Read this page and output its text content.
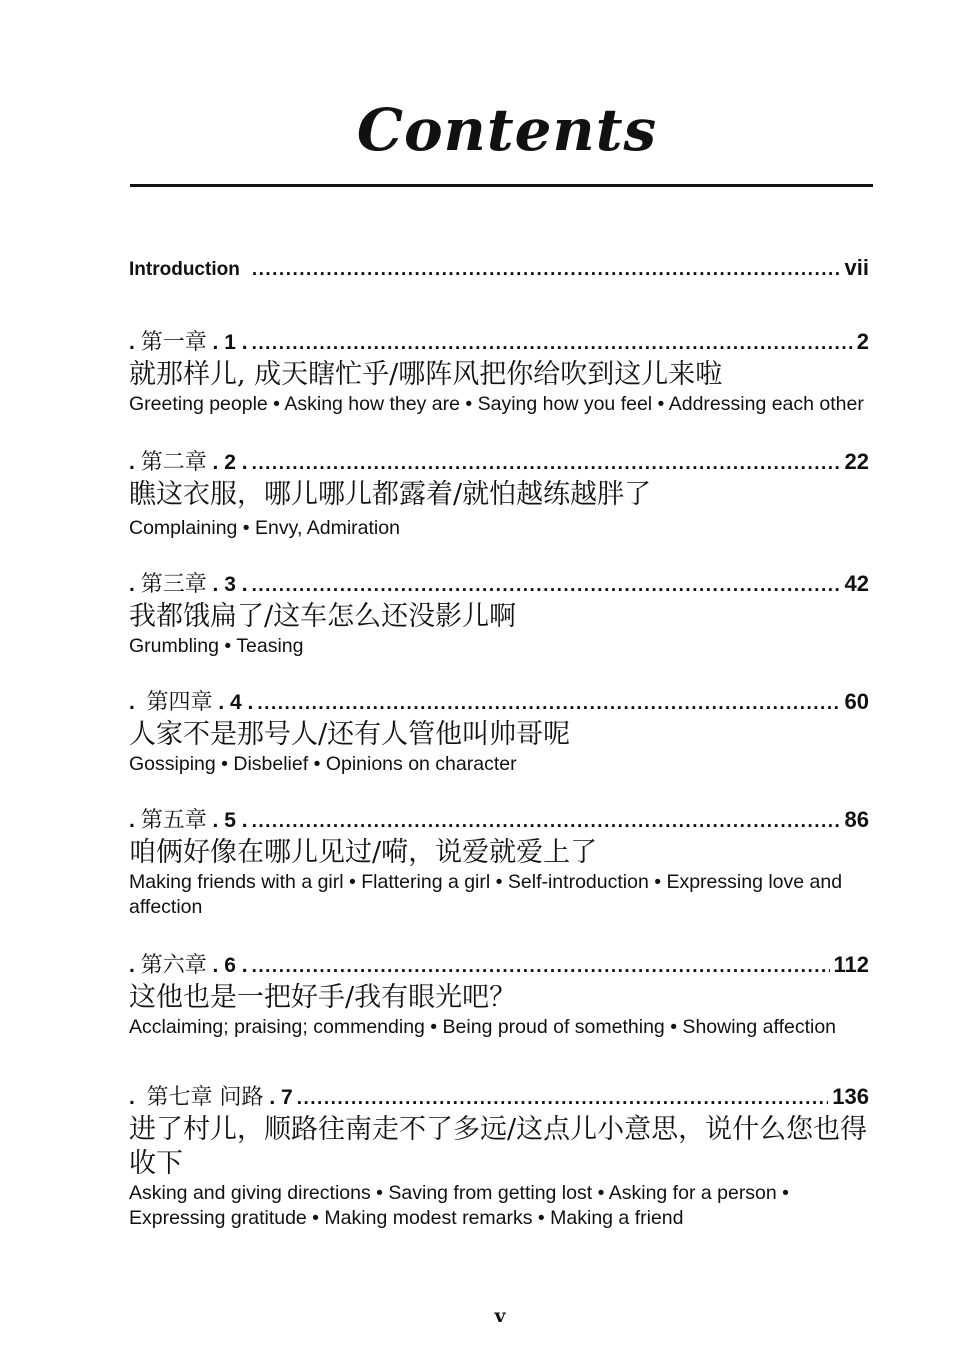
Contents
Introduction .....	vii
. 第一章 . 1 . .....	2
就那样儿, 成天瞎忙乎/哪阵风把你给吹到这儿来啦
Greeting people • Asking how they are • Saying how you feel • Addressing each other
. 第二章 . 2 . .....	22
瞧这衣服，哪儿哪儿都露着/就怕越练越胖了
Complaining • Envy, Admiration
. 第三章 . 3 . .....	42
我都饿扁了/这车怎么还没影儿啊
Grumbling • Teasing
. 第四章 . 4 . .....	60
人家不是那号人/还有人管他叫帅哥呢
Gossiping • Disbelief • Opinions on character
. 第五章 . 5 . .....	86
咱俩好像在哪儿见过/嗬，说爱就爱上了
Making friends with a girl • Flattering a girl • Self-introduction • Expressing love and affection
. 第六章 . 6 . .....	112
这他也是一把好手/我有眼光吧？
Acclaiming; praising; commending • Being proud of something • Showing affection
. 第七章 问路 . 7 .....	136
进了村儿，顺路往南走不了多远/这点儿小意思，说什么您也得收下
Asking and giving directions • Saving from getting lost • Asking for a person • Expressing gratitude • Making modest remarks • Making a friend
v
